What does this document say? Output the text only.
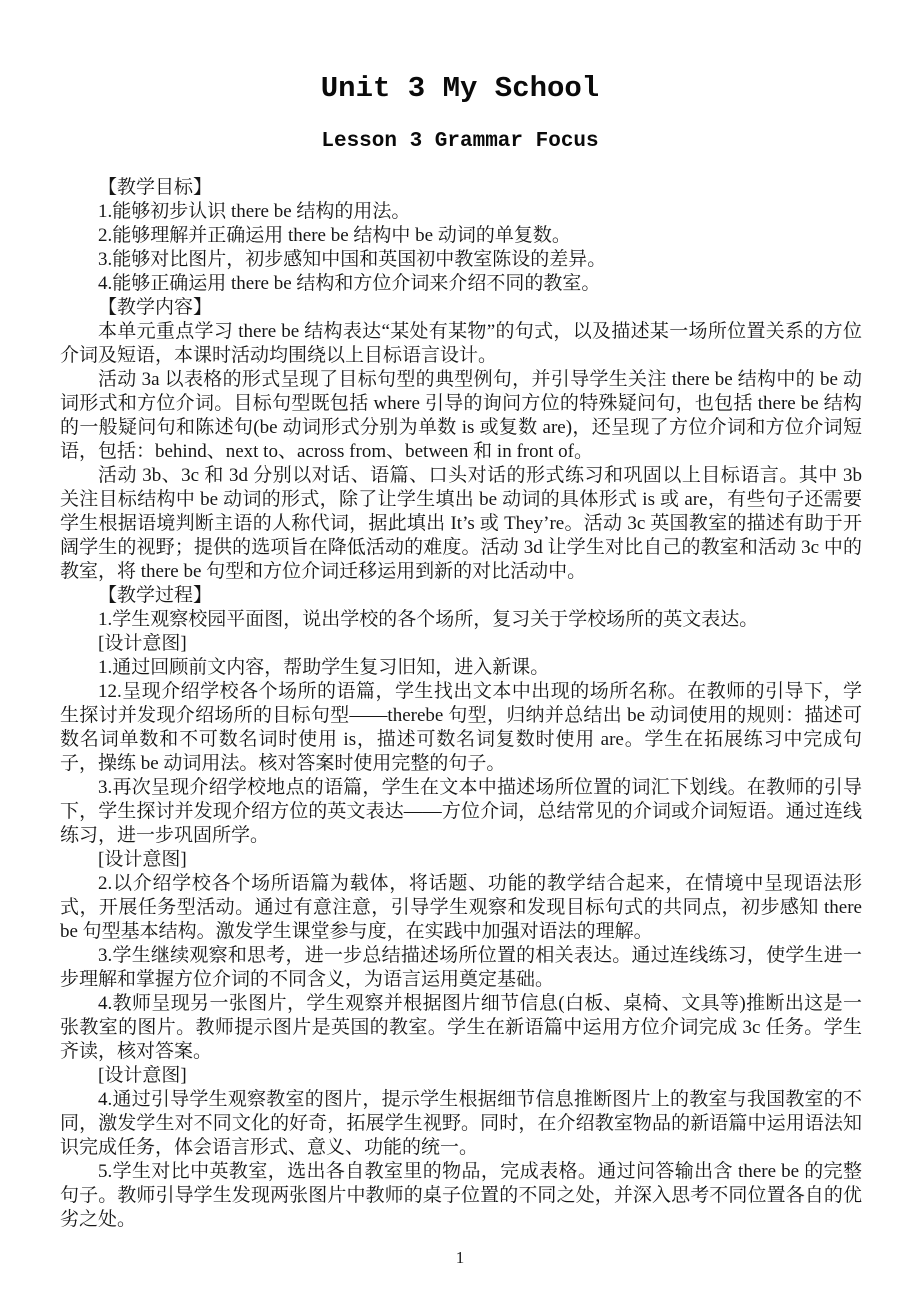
Unit 3 My School
Lesson 3 Grammar Focus

【教学目标】

1.能够初步认识 there be 结构的用法。

2.能够理解并正确运用 there be 结构中 be 动词的单复数。

3.能够对比图片，初步感知中国和英国初中教室陈设的差异。

4.能够正确运用 there be 结构和方位介词来介绍不同的教室。

【教学内容】

本单元重点学习 there be 结构表达“某处有某物”的句式，以及描述某一场所位置关系的方位介词及短语，本课时活动均围绕以上目标语言设计。

活动 3a 以表格的形式呈现了目标句型的典型例句，并引导学生关注 there be 结构中的 be 动词形式和方位介词。目标句型既包括 where 引导的询问方位的特殊疑问句，也包括 there be 结构的一般疑问句和陈述句(be 动词形式分别为单数 is 或复数 are)，还呈现了方位介词和方位介词短语，包括：behind、next to、across from、between 和 in front of。

活动 3b、3c 和 3d 分别以对话、语篇、口头对话的形式练习和巩固以上目标语言。其中 3b 关注目标结构中 be 动词的形式，除了让学生填出 be 动词的具体形式 is 或 are，有些句子还需要学生根据语境判断主语的人称代词，据此填出 It’s 或 They’re。活动 3c 英国教室的描述有助于开阔学生的视野；提供的选项旨在降低活动的难度。活动 3d 让学生对比自己的教室和活动 3c 中的教室，将 there be 句型和方位介词迁移运用到新的对比活动中。

【教学过程】

1.学生观察校园平面图，说出学校的各个场所，复习关于学校场所的英文表达。

[设计意图]

1.通过回顾前文内容，帮助学生复习旧知，进入新课。

12.呈现介绍学校各个场所的语篇，学生找出文本中出现的场所名称。在教师的引导下，学生探讨并发现介绍场所的目标句型——therebe 句型，归纳并总结出 be 动词使用的规则：描述可数名词单数和不可数名词时使用 is，描述可数名词复数时使用 are。学生在拓展练习中完成句子，操练 be 动词用法。核对答案时使用完整的句子。

3.再次呈现介绍学校地点的语篇，学生在文本中描述场所位置的词汇下划线。在教师的引导下，学生探讨并发现介绍方位的英文表达——方位介词，总结常见的介词或介词短语。通过连线练习，进一步巩固所学。

[设计意图]

2.以介绍学校各个场所语篇为载体，将话题、功能的教学结合起来，在情境中呈现语法形式，开展任务型活动。通过有意注意，引导学生观察和发现目标句式的共同点，初步感知 there be 句型基本结构。激发学生课堂参与度，在实践中加强对语法的理解。

3.学生继续观察和思考，进一步总结描述场所位置的相关表达。通过连线练习，使学生进一步理解和掌握方位介词的不同含义，为语言运用奠定基础。

4.教师呈现另一张图片，学生观察并根据图片细节信息(白板、桌椅、文具等)推断出这是一张教室的图片。教师提示图片是英国的教室。学生在新语篇中运用方位介词完成 3c 任务。学生齐读，核对答案。

[设计意图]

4.通过引导学生观察教室的图片，提示学生根据细节信息推断图片上的教室与我国教室的不同，激发学生对不同文化的好奇，拓展学生视野。同时，在介绍教室物品的新语篇中运用语法知识完成任务，体会语言形式、意义、功能的统一。

5.学生对比中英教室，选出各自教室里的物品，完成表格。通过问答输出含 there be 的完整句子。教师引导学生发现两张图片中教师的桌子位置的不同之处，并深入思考不同位置各自的优劣之处。

1
